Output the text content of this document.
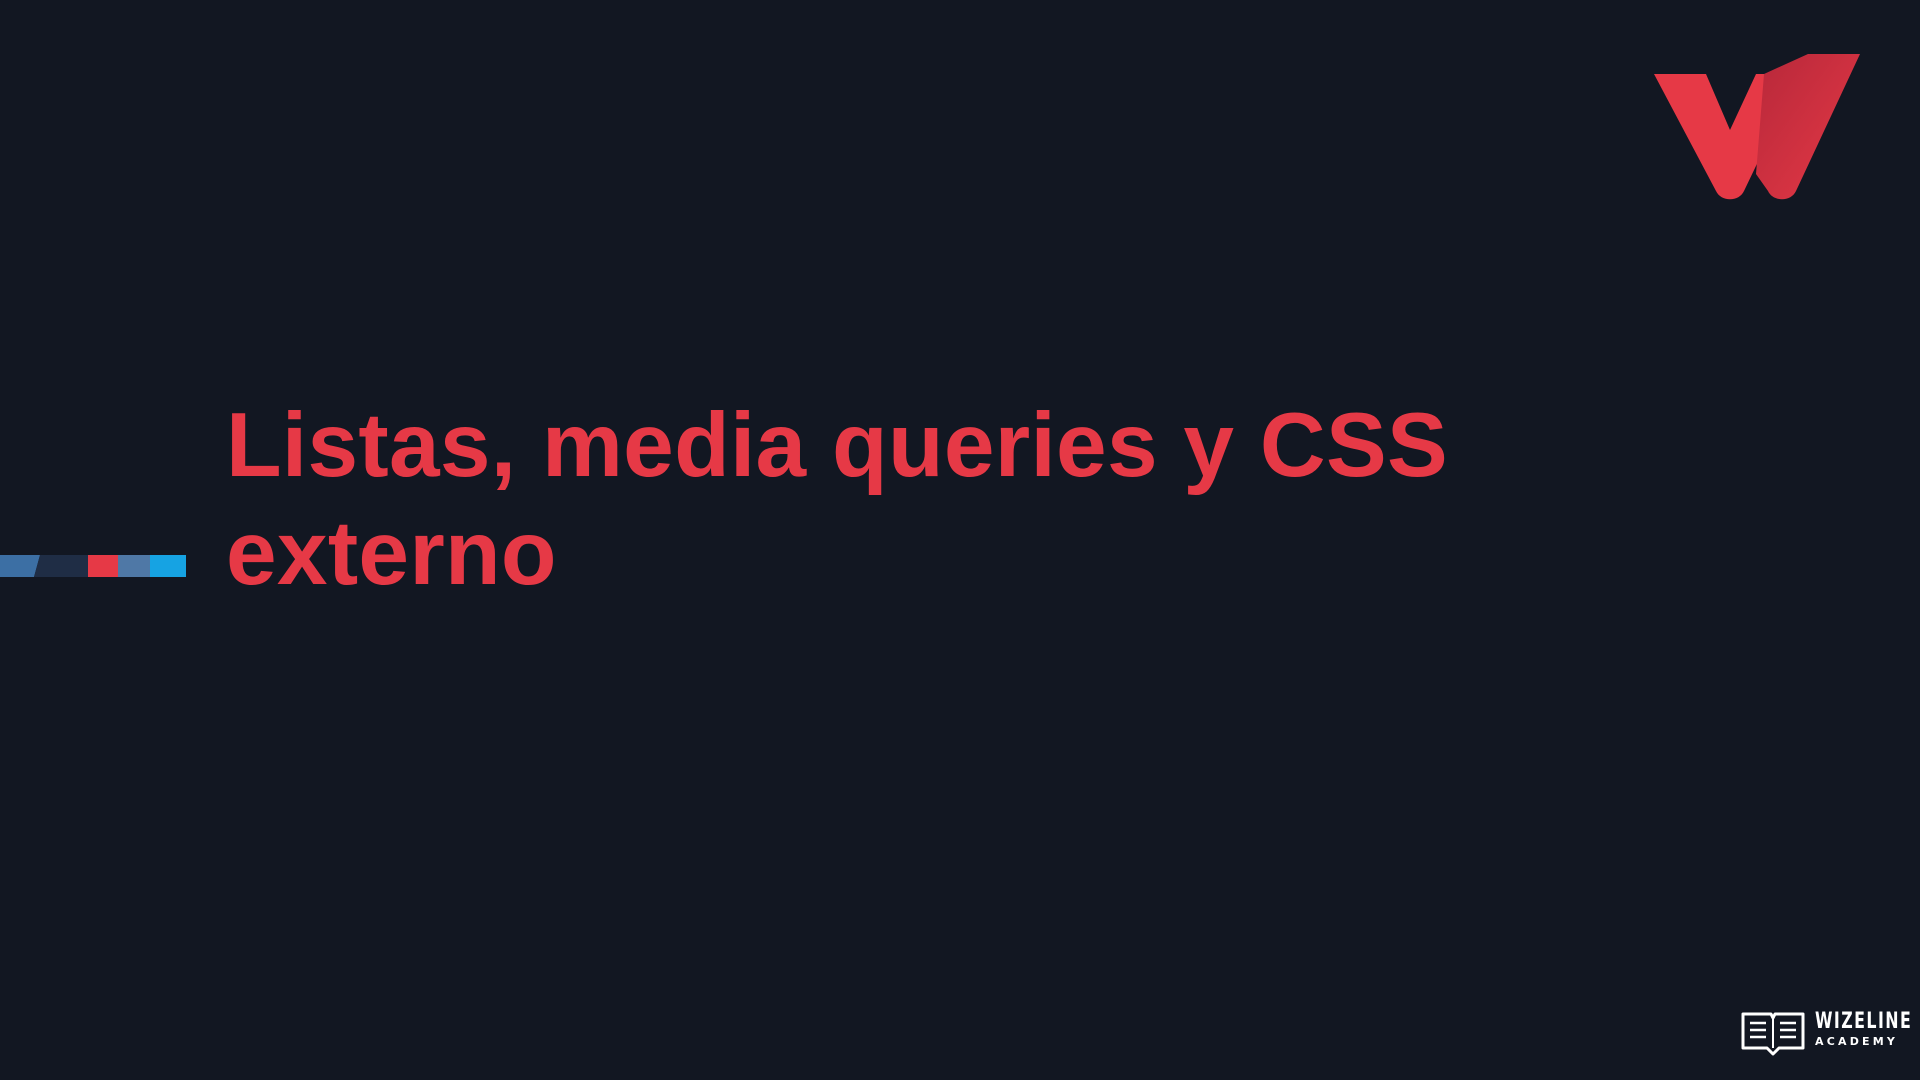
Listas, media queries y CSS
externo
WIZELINE
ACADEMY
